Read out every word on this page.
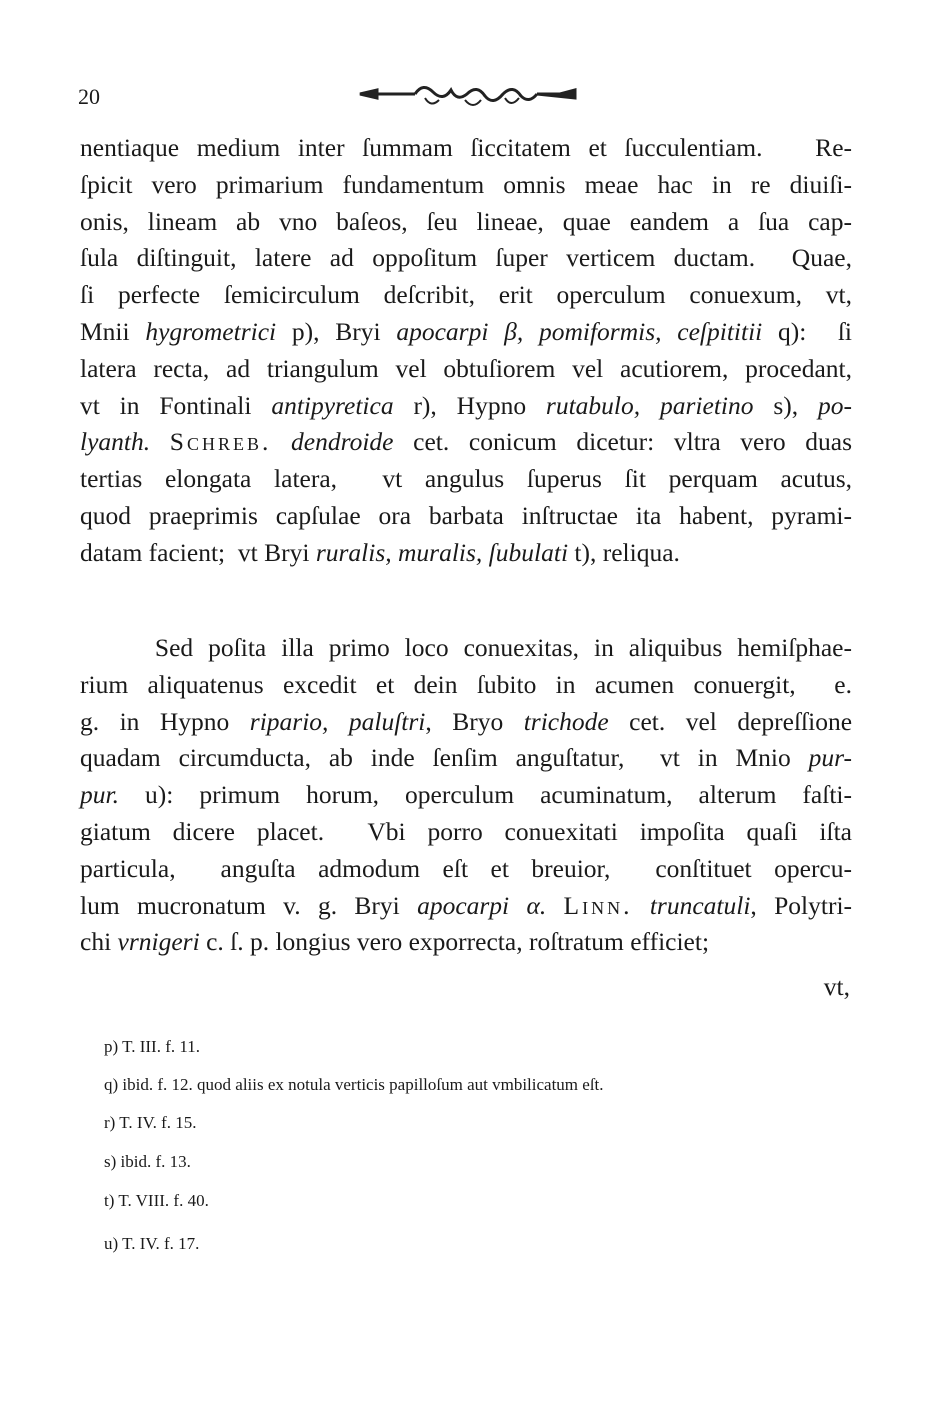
20
nentiaque medium inter ſummam ſiccitatem et ſucculentiam.   Re-
ſpicit vero primarium fundamentum omnis meae hac in re diuiſi-
onis, lineam ab vno baſeos, ſeu lineae, quae eandem a ſua cap-
ſula diſtinguit, latere ad oppoſitum ſuper verticem ductam.  Quae,
ſi perfecte ſemicirculum deſcribit, erit operculum conuexum, vt,
Mnii hygrometrici p), Bryi apocarpi β, pomiformis, ceſpititii q):  ſi
latera recta, ad triangulum vel obtuſiorem vel acutiorem, procedant,
vt in Fontinali antipyretica r), Hypno rutabulo, parietino s), po-
lyanth. Schreb. dendroide cet. conicum dicetur: vltra vero duas
tertias elongata latera,  vt angulus ſuperus ſit perquam acutus,
quod praeprimis capſulae ora barbata inſtructae ita habent, pyrami-
datam facient;  vt Bryi ruralis, muralis, ſubulati t), reliqua.
Sed poſita illa primo loco conuexitas, in aliquibus hemiſphae-
rium aliquatenus excedit et dein ſubito in acumen conuergit,  e.
g. in Hypno ripario, paluſtri, Bryo trichode cet. vel depreſſione
quadam circumducta, ab inde ſenſim anguſtatur,  vt in Mnio pur-
pur. u): primum horum, operculum acuminatum, alterum faſti-
giatum dicere placet.  Vbi porro conuexitati impoſita quaſi iſta
particula,  anguſta admodum eſt et breuior,  conſtituet opercu-
lum mucronatum v. g. Bryi apocarpi α. Linn. truncatuli, Polytri-
chi vrnigeri c. ſ. p. longius vero exporrecta, roſtratum efficiet;
vt,
p) T. III. f. 11.
q) ibid. f. 12. quod aliis ex notula verticis papilloſum aut vmbilicatum eſt.
r) T. IV. f. 15.
s) ibid. f. 13.
t) T. VIII. f. 40.
u) T. IV. f. 17.
